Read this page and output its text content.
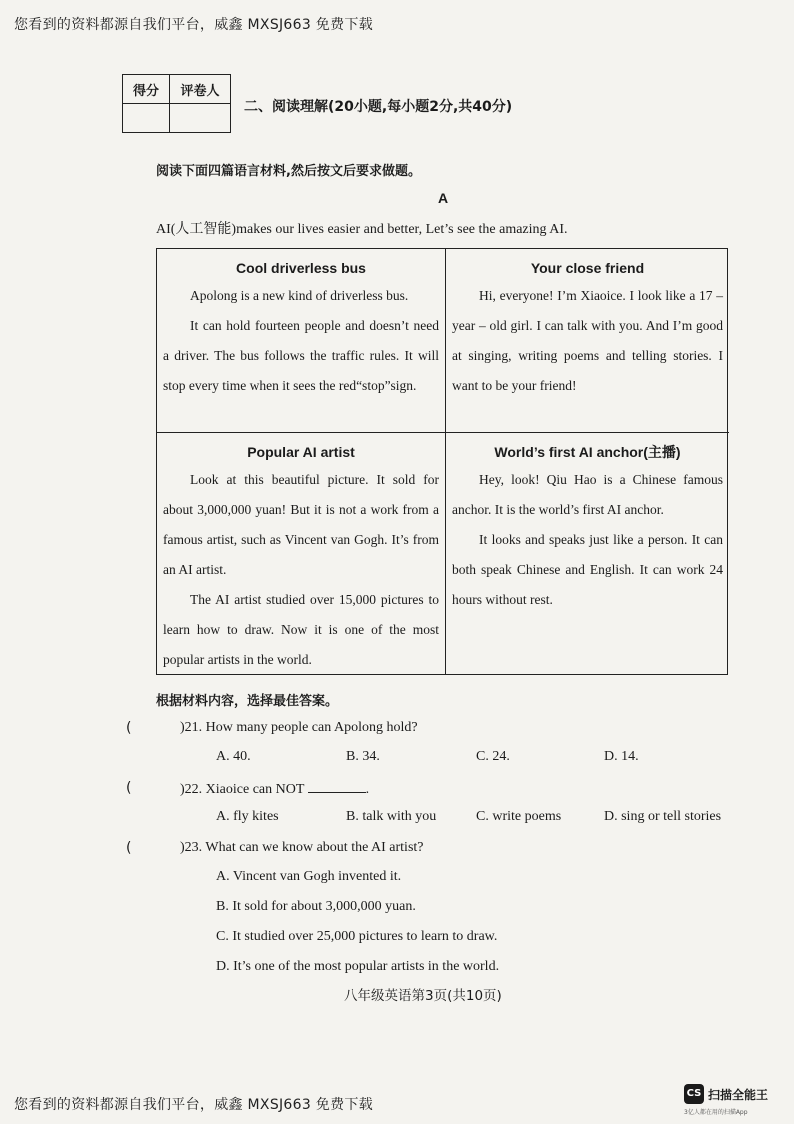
您看到的资料都源自我们平台，威鑫 MXSJ663 免费下载
得分	评卷人

二、阅读理解(20小题,每小题2分,共40分)
阅读下面四篇语言材料,然后按文后要求做题。
A
AI(人工智能)makes our lives easier and better, Let’s see the amazing AI.
Cool driverless bus

Apolong is a new kind of driverless bus.

It can hold fourteen people and doesn’t need a driver. The bus follows the traffic rules. It will stop every time when it sees the red“stop”sign.

Your close friend

Hi, everyone! I’m Xiaoice. I look like a 17 – year – old girl. I can talk with you. And I’m good at singing, writing poems and telling stories. I want to be your friend!

Popular AI artist

Look at this beautiful picture. It sold for about 3,000,000 yuan! But it is not a work from a famous artist, such as Vincent van Gogh. It’s from an AI artist.

The AI artist studied over 15,000 pictures to learn how to draw. Now it is one of the most popular artists in the world.

World’s first AI anchor(主播)

Hey, look! Qiu Hao is a Chinese famous anchor. It is the world’s first AI anchor.

It looks and speaks just like a person. It can both speak Chinese and English. It can work 24 hours without rest.

根据材料内容，选择最佳答案。
(	)21. How many people can Apolong hold?
A. 40.	B. 34.	C. 24.	D. 14.
(	)22. Xiaoice can NOT	.
A. fly kites	B. talk with you	C. write poems	D. sing or tell stories
(	)23. What can we know about the AI artist?
A. Vincent van Gogh invented it.
B. It sold for about 3,000,000 yuan.
C. It studied over 25,000 pictures to learn to draw.
D. It’s one of the most popular artists in the world.
八年级英语第3页(共10页)
您看到的资料都源自我们平台，威鑫 MXSJ663 免费下载
CS 扫描全能王
3亿人都在用的扫描App
